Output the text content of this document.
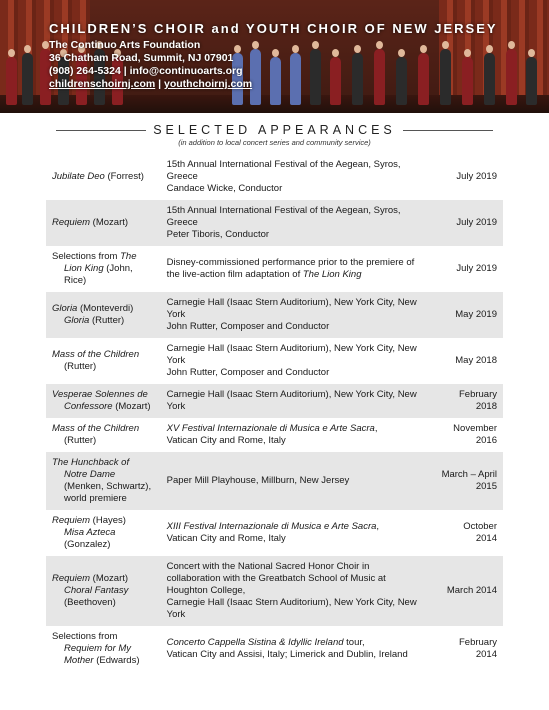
CHILDREN’S CHOIR and YOUTH CHOIR OF NEW JERSEY
The Continuo Arts Foundation
36 Chatham Road, Summit, NJ 07901
(908) 264-5324 | info@continuoarts.org
childrenschoirnj.com | youthchoirnj.com
SELECTED APPEARANCES
(in addition to local concert series and community service)
Jubilate Deo (Forrest)	15th Annual International Festival of the Aegean, Syros, Greece
Candace Wicke, Conductor	July 2019

Requiem (Mozart)	15th Annual International Festival of the Aegean, Syros, Greece
Peter Tiboris, Conductor	July 2019

Selections from The
Lion King (John, Rice)	Disney-commissioned performance prior to the premiere of the live-action film adaptation of The Lion King	July 2019

Gloria (Monteverdi)
Gloria (Rutter)	Carnegie Hall (Isaac Stern Auditorium), New York City, New York
John Rutter, Composer and Conductor	May 2019

Mass of the Children
(Rutter)	Carnegie Hall (Isaac Stern Auditorium), New York City, New York
John Rutter, Composer and Conductor	May 2018

Vesperae Solennes de
Confessore (Mozart)	Carnegie Hall (Isaac Stern Auditorium), New York City, New York	February
2018

Mass of the Children
(Rutter)	XV Festival Internazionale di Musica e Arte Sacra,
Vatican City and Rome, Italy	November
2016

The Hunchback of
Notre Dame
(Menken, Schwartz),
world premiere	Paper Mill Playhouse, Millburn, New Jersey	March – April
2015

Requiem (Hayes)
Misa Azteca (Gonzalez)	XIII Festival Internazionale di Musica e Arte Sacra,
Vatican City and Rome, Italy	October
2014

Requiem (Mozart)
Choral Fantasy
(Beethoven)	Concert with the National Sacred Honor Choir in collaboration with the Greatbatch School of Music at Houghton College,
Carnegie Hall (Isaac Stern Auditorium), New York City, New York	March 2014

Selections from
Requiem for My
Mother (Edwards)	Concerto Cappella Sistina & Idyllic Ireland tour,
Vatican City and Assisi, Italy; Limerick and Dublin, Ireland	February
2014
